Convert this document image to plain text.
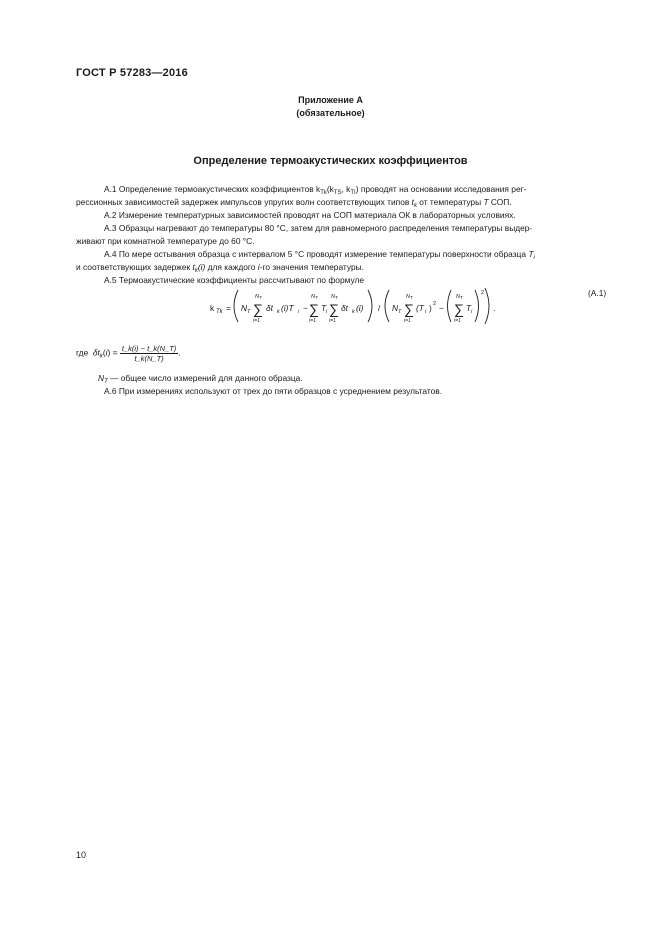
ГОСТ Р 57283—2016
Приложение А
(обязательное)
Определение термоакустических коэффициентов
А.1 Определение термоакустических коэффициентов $k_{Tk}(k_{TS}$, $k_{TI}$) проводят на основании исследования рег-
рессионных зависимостей задержек импульсов упругих волн соответствующих типов $t_k$ от температуры Т СОП.
А.2 Измерение температурных зависимостей проводят на СОП материала ОК в лабораторных условиях.
А.3 Образцы нагревают до температуры 80 °С, затем для равномерного распределения температуры выдер-
живают при комнатной температуре до 60 °С.
А.4 По мере остывания образца с интервалом 5 °С проводят измерение температуры поверхности образца $T_i$
и соответствующих задержек $t_k(i)$ для каждого i-го значения температуры.
А.5 Термоакустические коэффициенты рассчитывают по формуле
k Tk = N T
N T
∑
i=1
δt k (i)T i −
N T
∑
i=1
T i
N T
∑
i=1
δt k (i) / N T
N T
∑
i=1
(T i ) 2 −
N T
∑
i=1
T i
2
.
(А.1)
где $\delta t_k(i) = \frac{t\_k(i) - t\_k(N\_T)}{t\_k(N\_T)}$ .
$N_T$ — общее число измерений для данного образца.
А.6 При измерениях используют от трех до пяти образцов с усреднением результатов.
10
